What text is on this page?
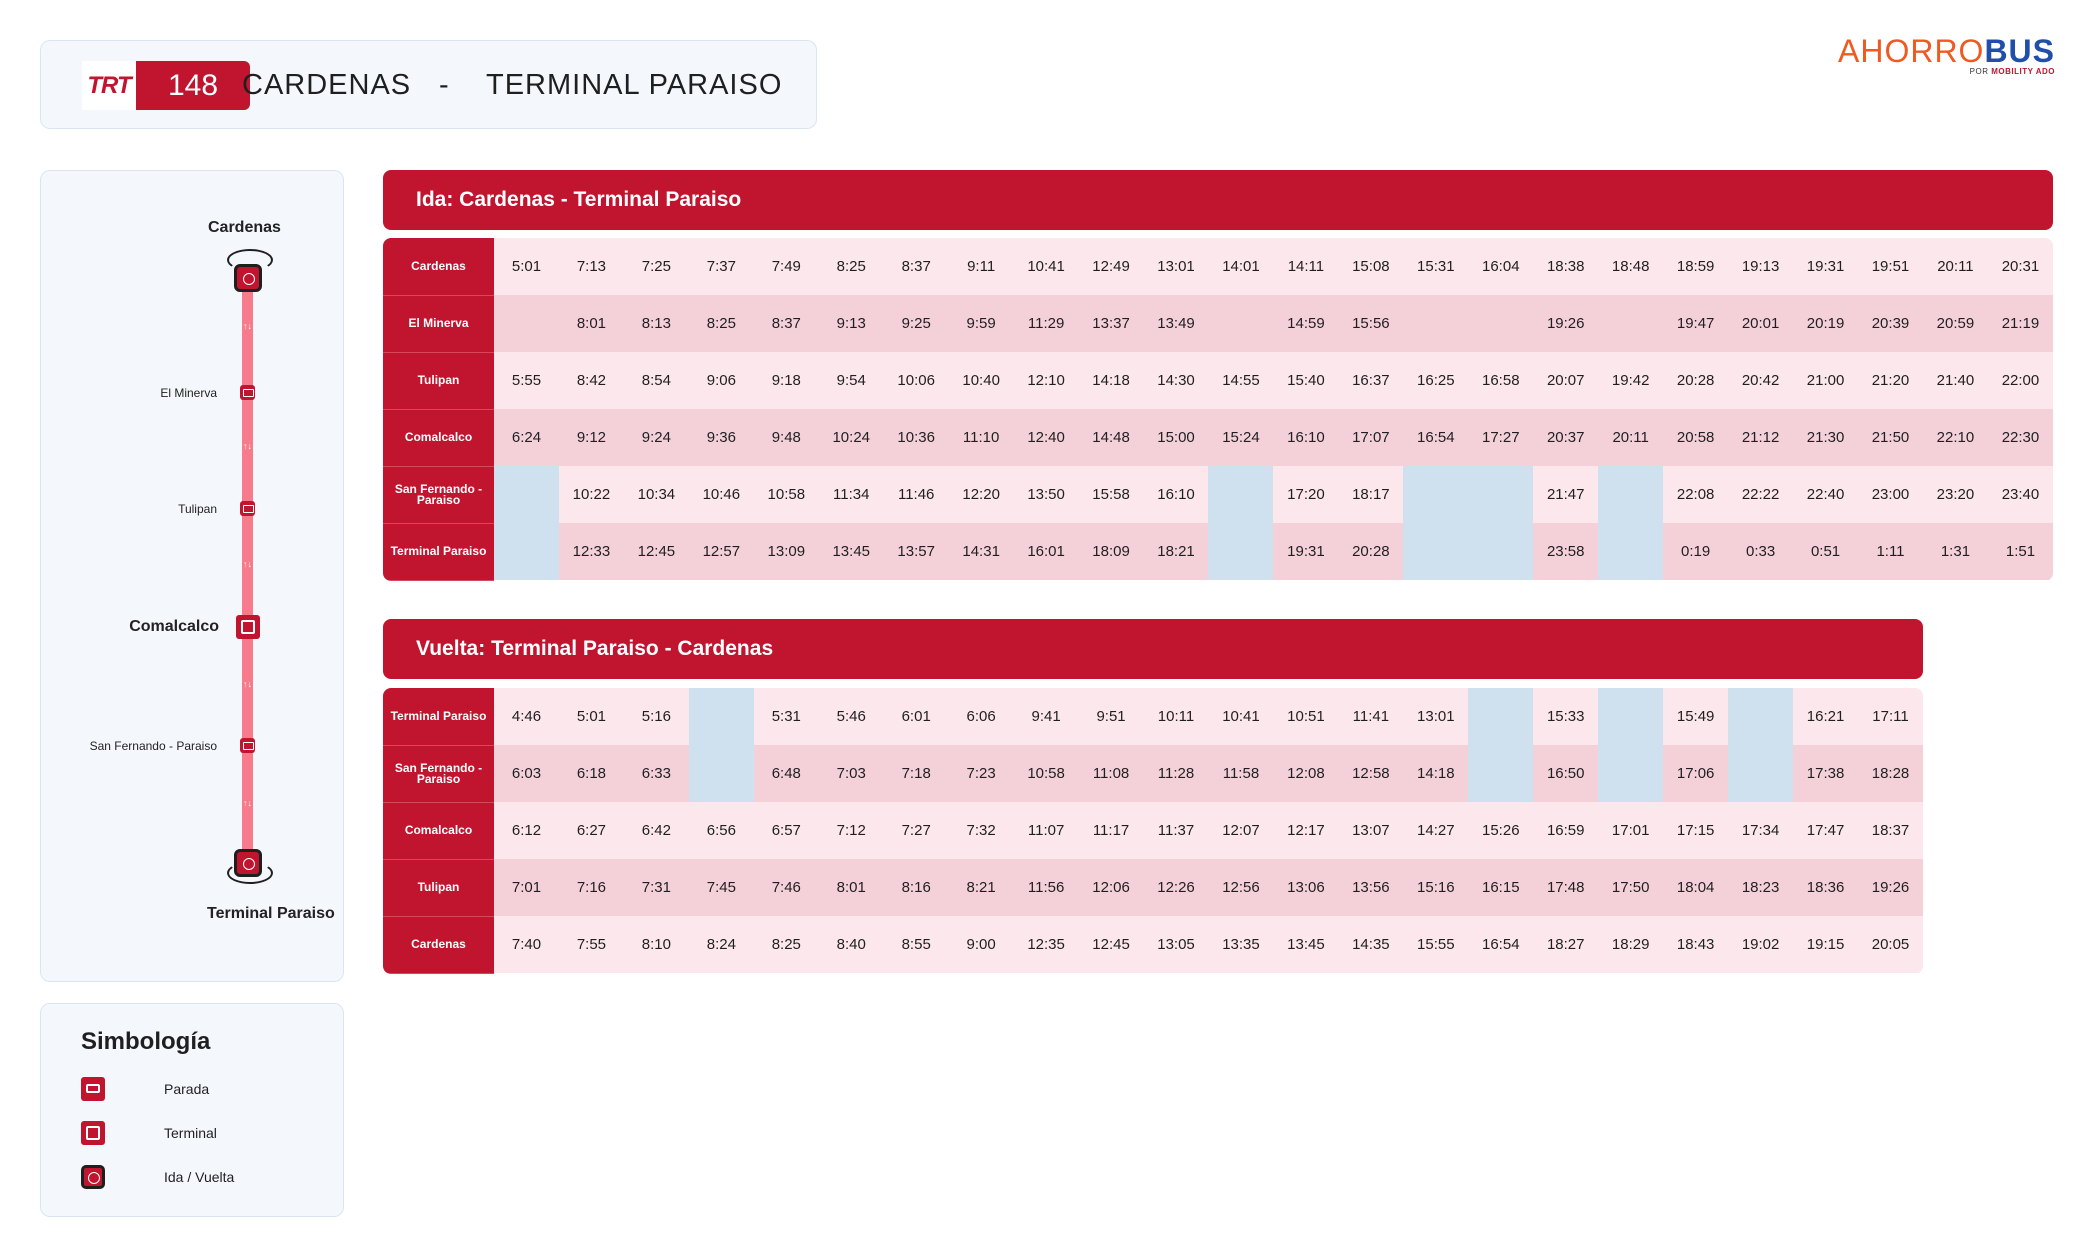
TRT	148 CARDENAS - TERMINAL PARAISO
AHORROBUS
POR MOBILITY ADO
↑↓
↑↓
↑↓
↑↓
↑↓
Cardenas
El Minerva
Tulipan
Comalcalco
San Fernando - Paraiso
Terminal Paraiso
Simbología
Parada
Terminal
Ida / Vuelta
Ida: Cardenas - Terminal Paraiso
Cardenas	5:01	7:13	7:25	7:37	7:49	8:25	8:37	9:11	10:41	12:49	13:01	14:01	14:11	15:08	15:31	16:04	18:38	18:48	18:59	19:13	19:31	19:51	20:11	20:31
El Minerva		8:01	8:13	8:25	8:37	9:13	9:25	9:59	11:29	13:37	13:49		14:59	15:56			19:26		19:47	20:01	20:19	20:39	20:59	21:19
Tulipan	5:55	8:42	8:54	9:06	9:18	9:54	10:06	10:40	12:10	14:18	14:30	14:55	15:40	16:37	16:25	16:58	20:07	19:42	20:28	20:42	21:00	21:20	21:40	22:00
Comalcalco	6:24	9:12	9:24	9:36	9:48	10:24	10:36	11:10	12:40	14:48	15:00	15:24	16:10	17:07	16:54	17:27	20:37	20:11	20:58	21:12	21:30	21:50	22:10	22:30
San Fernando - Paraiso		10:22	10:34	10:46	10:58	11:34	11:46	12:20	13:50	15:58	16:10		17:20	18:17			21:47		22:08	22:22	22:40	23:00	23:20	23:40
Terminal Paraiso		12:33	12:45	12:57	13:09	13:45	13:57	14:31	16:01	18:09	18:21		19:31	20:28			23:58		0:19	0:33	0:51	1:11	1:31	1:51
Vuelta: Terminal Paraiso - Cardenas
Terminal Paraiso	4:46	5:01	5:16		5:31	5:46	6:01	6:06	9:41	9:51	10:11	10:41	10:51	11:41	13:01		15:33		15:49		16:21	17:11
San Fernando - Paraiso	6:03	6:18	6:33		6:48	7:03	7:18	7:23	10:58	11:08	11:28	11:58	12:08	12:58	14:18		16:50		17:06		17:38	18:28
Comalcalco	6:12	6:27	6:42	6:56	6:57	7:12	7:27	7:32	11:07	11:17	11:37	12:07	12:17	13:07	14:27	15:26	16:59	17:01	17:15	17:34	17:47	18:37
Tulipan	7:01	7:16	7:31	7:45	7:46	8:01	8:16	8:21	11:56	12:06	12:26	12:56	13:06	13:56	15:16	16:15	17:48	17:50	18:04	18:23	18:36	19:26
Cardenas	7:40	7:55	8:10	8:24	8:25	8:40	8:55	9:00	12:35	12:45	13:05	13:35	13:45	14:35	15:55	16:54	18:27	18:29	18:43	19:02	19:15	20:05
